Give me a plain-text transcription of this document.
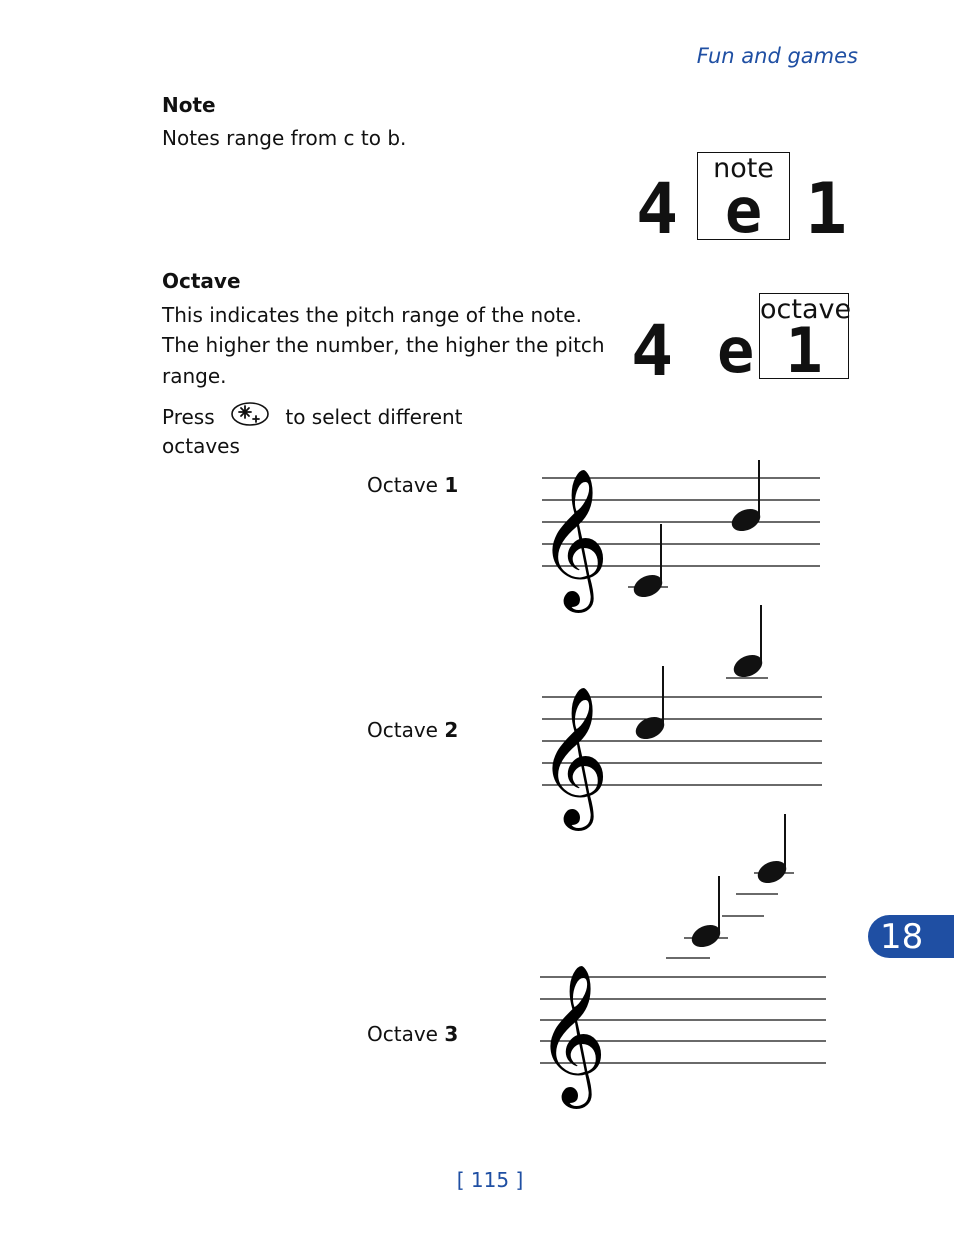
Fun and games
Note
Notes range from c to b.
4	note
e 1
Octave
This indicates the pitch range of the note.
The higher the number, the higher the pitch
range.
Press	to select different
octaves
4 e
octave
1
Octave 1
Octave 2
Octave 3
𝄞
𝄞
𝄞
18
[ 115 ]
